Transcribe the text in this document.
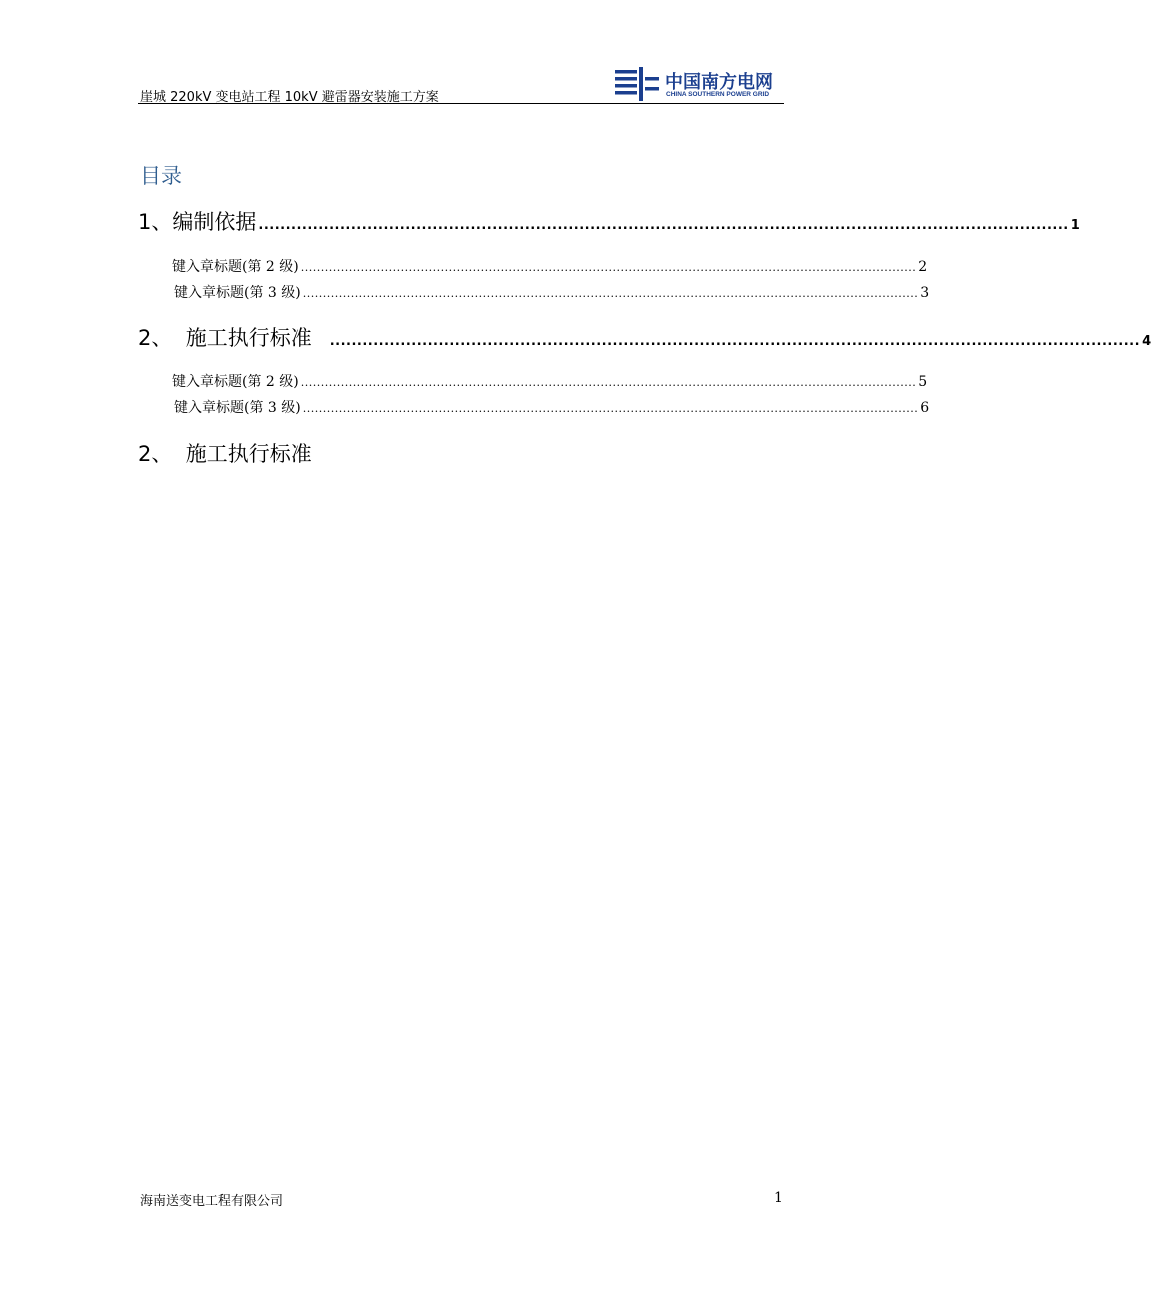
崖城 220kV 变电站工程 10kV 避雷器安装施工方案
中国南方电网
CHINA SOUTHERN POWER GRID
目录
1、编制依据 ..................................................................................................................................................... 1
键入章标题(第 2 级) .......................................................................................................................................................... 2
键入章标题(第 3 级) .......................................................................................................................................................... 3
2、  施工执行标准 ..................................................................................................................................................... 4
键入章标题(第 2 级) .......................................................................................................................................................... 5
键入章标题(第 3 级) .......................................................................................................................................................... 6
2、  施工执行标准
海南送变电工程有限公司	1
